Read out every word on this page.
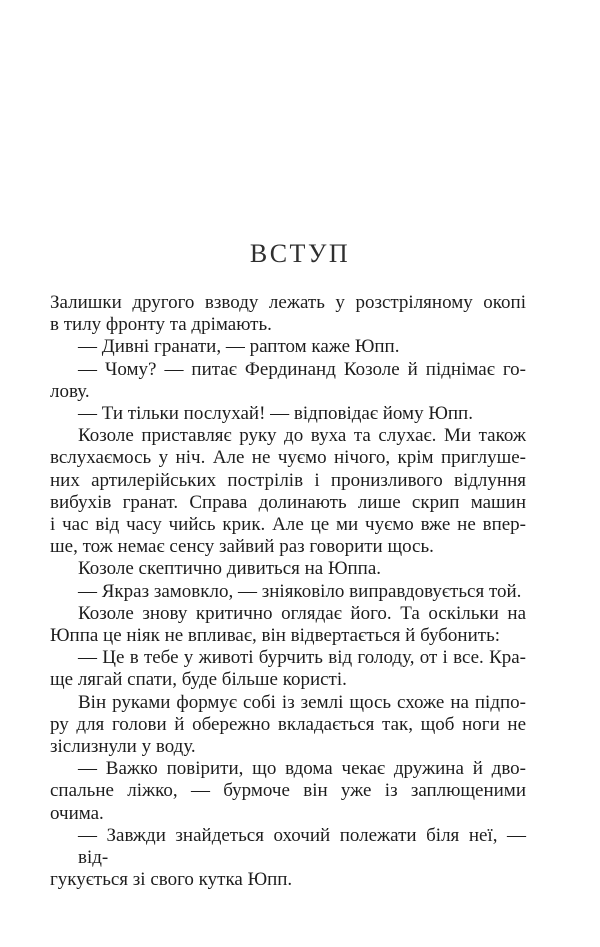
ВСТУП
Залишки другого взводу лежать у розстріляному окопі
в тилу фронту та дрімають.
— Дивні гранати, — раптом каже Юпп.
— Чому? — питає Фердинанд Козоле й піднімає го-
лову.
— Ти тільки послухай! — відповідає йому Юпп.
Козоле приставляє руку до вуха та слухає. Ми також
вслухаємось у ніч. Але не чуємо нічого, крім приглуше-
них артилерійських пострілів і пронизливого відлуння
вибухів гранат. Справа долинають лише скрип машин
і час від часу чийсь крик. Але це ми чуємо вже не впер-
ше, тож немає сенсу зайвий раз говорити щось.
Козоле скептично дивиться на Юппа.
— Якраз замовкло, — зніяковіло виправдовується той.
Козоле знову критично оглядає його. Та оскільки на
Юппа це ніяк не впливає, він відвертається й бубонить:
— Це в тебе у животі бурчить від голоду, от і все. Кра-
ще лягай спати, буде більше користі.
Він руками формує собі із землі щось схоже на підпо-
ру для голови й обережно вкладається так, щоб ноги не
зіслизнули у воду.
— Важко повірити, що вдома чекає дружина й дво-
спальне ліжко, — бурмоче він уже із заплющеними
очима.
— Завжди знайдеться охочий полежати біля неї, — від-
гукується зі свого кутка Юпп.
